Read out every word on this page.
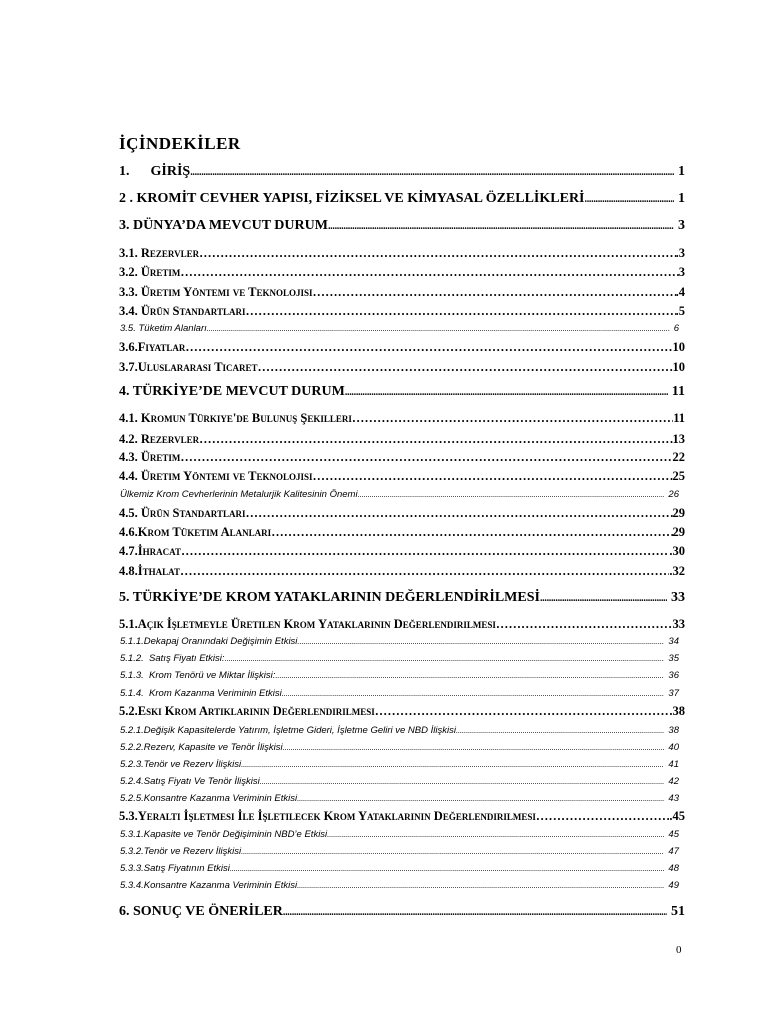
İÇİNDEKİLER
1.      GİRİŞ .....	1
2 . KROMİT CEVHER YAPISI, FİZİKSEL VE KİMYASAL ÖZELLİKLERİ .....	1
3. DÜNYA’DA MEVCUT DURUM .....	3
3.1. Rezervler ……………………………………………………………………………………………………………………………………………………………………………………………………………………	.3
3.2. Üretim ……………………………………………………………………………………………………………………………………………………………………………………………………………………	3
3.3. Üretim Yöntemi ve Teknolojisi ……………………………………………………………………………………………………………………………………………………………………………………………………………………	.4
3.4. Ürün Standartları ……………………………………………………………………………………………………………………………………………………………………………………………………………………	.5
3.5. Tüketim Alanları .....	6
3.6.Fiyatlar ……………………………………………………………………………………………………………………………………………………………………………………………………………………	10
3.7.Uluslararası Ticaret ……………………………………………………………………………………………………………………………………………………………………………………………………………………	10
4. TÜRKİYE’DE MEVCUT DURUM .....	11
4.1. Kromun Türkiye'de Bulunuş Şekilleri ……………………………………………………………………………………………………………………………………………………………………………………………………………………	11
4.2. Rezervler ……………………………………………………………………………………………………………………………………………………………………………………………………………………	13
4.3. Üretim ……………………………………………………………………………………………………………………………………………………………………………………………………………………	22
4.4. Üretim Yöntemi ve Teknolojisi ……………………………………………………………………………………………………………………………………………………………………………………………………………………	25
Ülkemiz Krom Cevherlerinin Metalurjik Kalitesinin Önemi .....	26
4.5. Ürün Standartları ……………………………………………………………………………………………………………………………………………………………………………………………………………………	29
4.6.Krom Tüketim Alanları ……………………………………………………………………………………………………………………………………………………………………………………………………………………	29
4.7.İhracat ……………………………………………………………………………………………………………………………………………………………………………………………………………………	.30
4.8.İthalat ……………………………………………………………………………………………………………………………………………………………………………………………………………………	.32
5. TÜRKİYE’DE KROM YATAKLARININ DEĞERLENDİRİLMESİ .....	33
5.1.Açık İşletmeyle Üretilen Krom Yataklarının Değerlendirilmesi ……………………………………………………………………………………………………………………………………………………………………………………………………………………	33
5.1.1.Dekapaj Oranındaki Değişimin Etkisi .....	34
5.1.2.  Satış Fiyatı Etkisi: .....	35
5.1.3.  Krom Tenörü ve Miktar İlişkisi: .....	36
5.1.4.  Krom Kazanma Veriminin Etkisi .....	37
5.2.Eski Krom Artıklarının Değerlendirilmesi ……………………………………………………………………………………………………………………………………………………………………………………………………………………	.38
5.2.1.Değişik Kapasitelerde Yatırım, İşletme Gideri, İşletme Geliri ve NBD İlişkisi .....	38
5.2.2.Rezerv, Kapasite ve Tenör İlişkisi .....	40
5.2.3.Tenör ve Rezerv İlişkisi .....	41
5.2.4.Satış Fiyatı Ve Tenör İlişkisi .....	42
5.2.5.Konsantre Kazanma Veriminin Etkisi .....	43
5.3.Yeraltı İşletmesi İle İşletilecek Krom Yataklarının Değerlendirilmesi ……………………………………………………………………………………………………………………………………………………………………………………………………………………	.45
5.3.1.Kapasite ve Tenör Değişiminin NBD’e Etkisi .....	45
5.3.2.Tenör ve Rezerv İlişkisi .....	47
5.3.3.Satış Fiyatının Etkisi .....	48
5.3.4.Konsantre Kazanma Veriminin Etkisi .....	49
6. SONUÇ VE ÖNERİLER .....	51
0
